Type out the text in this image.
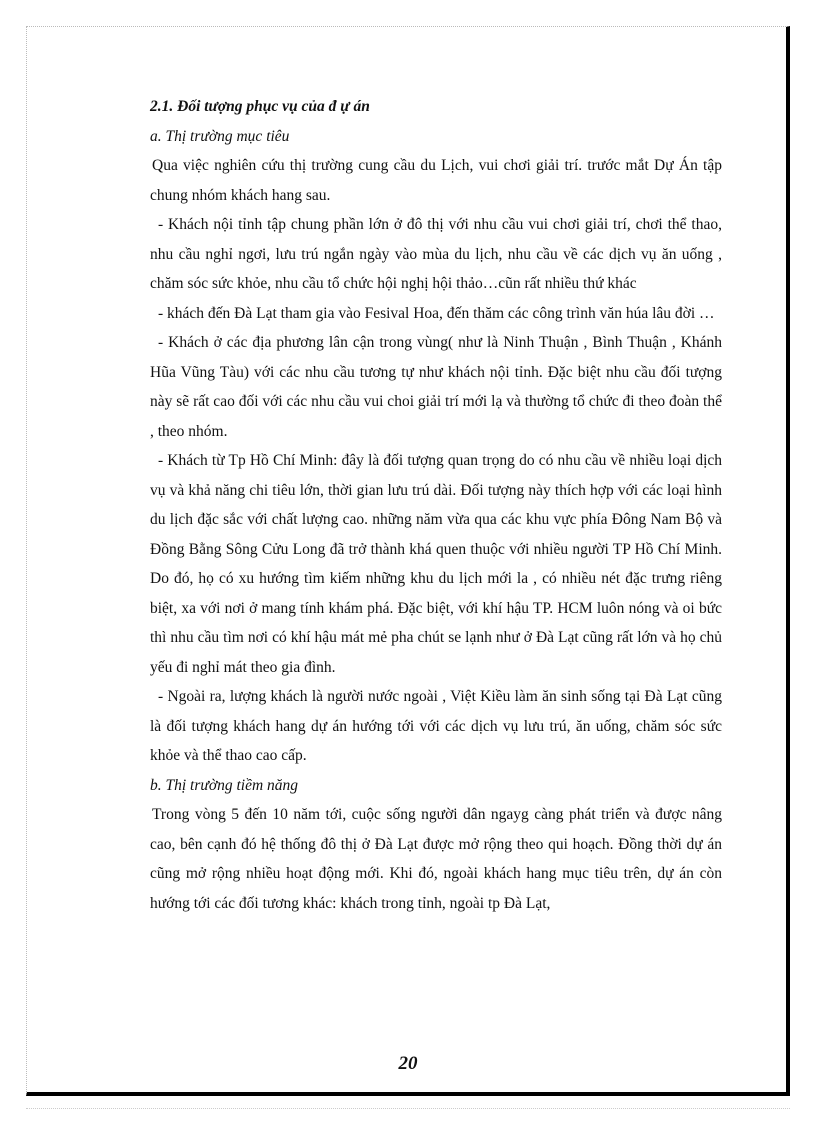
2.1. Đối tượng phục vụ của đ ự án

a. Thị trường mục tiêu

Qua việc nghiên cứu thị trường cung cầu du Lịch, vui chơi giải trí. trước mắt Dự Án tập chung nhóm khách hang sau.

- Khách nội tỉnh tập chung phần lớn ở đô thị với nhu cầu vui chơi giải trí, chơi thể thao, nhu cầu nghỉ ngơi, lưu trú ngắn ngày vào mùa du lịch, nhu cầu về các dịch vụ ăn uống , chăm sóc sức khỏe, nhu cầu tổ chức hội nghị hội thảo…cũn rất nhiều thứ khác

- khách đến Đà Lạt tham gia vào Fesival Hoa, đến thăm các công trình văn húa lâu đời …

- Khách ở các địa phương lân cận trong vùng( như là Ninh Thuận , Bình Thuận , Khánh Hũa Vũng Tàu) với các nhu cầu tương tự như khách nội tỉnh. Đặc biệt nhu cầu đối tượng này sẽ rất cao đối với các nhu cầu vui choi giải trí mới lạ và thường tổ chức đi theo đoàn thể , theo nhóm.

- Khách từ Tp Hồ Chí Minh: đây là đối tượng quan trọng do có nhu cầu về nhiều loại dịch vụ và khả năng chi tiêu lớn, thời gian lưu trú dài. Đối tượng này thích hợp với các loại hình du lịch đặc sắc với chất lượng cao. những năm vừa qua các khu vực phía Đông Nam Bộ và Đồng Bằng Sông Cửu Long đã trở thành khá quen thuộc với nhiều người TP Hồ Chí Minh. Do đó, họ có xu hướng tìm kiếm những khu du lịch mới la , có nhiều nét đặc trưng riêng biệt, xa với nơi ở mang tính khám phá. Đặc biệt, với khí hậu TP. HCM luôn nóng và oi bức thì nhu cầu tìm nơi có khí hậu mát mẻ pha chút se lạnh như ở Đà Lạt cũng rất lớn và họ chủ yếu đi nghỉ mát theo gia đình.

- Ngoài ra, lượng khách là người nước ngoài , Việt Kiều làm ăn sinh sống tại Đà Lạt cũng là đối tượng khách hang dự án hướng tới với các dịch vụ lưu trú, ăn uống, chăm sóc sức khỏe và thể thao cao cấp.

b. Thị trường tiềm năng

Trong vòng 5 đến 10 năm tới, cuộc sống người dân ngayg càng phát triển và được nâng cao, bên cạnh đó hệ thống đô thị ở Đà Lạt được mở rộng theo qui hoạch. Đồng thời dự án cũng mở rộng nhiều hoạt động mới. Khi đó, ngoài khách hang mục tiêu trên, dự án còn hướng tới các đối tương khác: khách trong tỉnh, ngoài tp Đà Lạt,

20
